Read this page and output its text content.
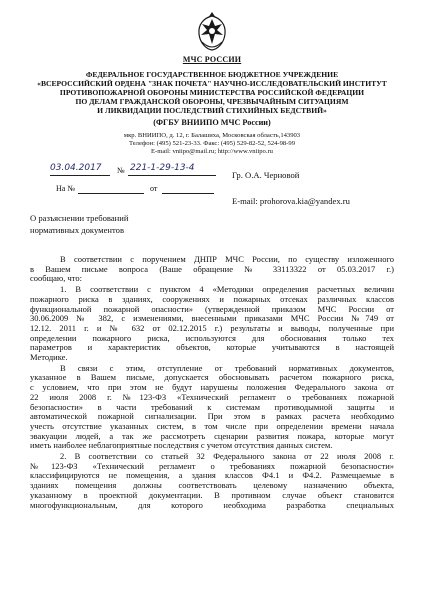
МЧС РОССИИ
ФЕДЕРАЛЬНОЕ ГОСУДАРСТВЕННОЕ БЮДЖЕТНОЕ УЧРЕЖДЕНИЕ
«ВСЕРОССИЙСКИЙ ОРДЕНА "ЗНАК ПОЧЕТА" НАУЧНО-ИССЛЕДОВАТЕЛЬСКИЙ ИНСТИТУТ
ПРОТИВОПОЖАРНОЙ ОБОРОНЫ МИНИСТЕРСТВА РОССИЙСКОЙ ФЕДЕРАЦИИ
ПО ДЕЛАМ ГРАЖДАНСКОЙ ОБОРОНЫ, ЧРЕЗВЫЧАЙНЫМ СИТУАЦИЯМ
И ЛИКВИДАЦИИ ПОСЛЕДСТВИЙ СТИХИЙНЫХ БЕДСТВИЙ»
(ФГБУ ВНИИПО МЧС России)
мкр. ВНИИПО, д. 12, г. Балашиха, Московская область,143903
Телефон: (495) 521-23-33. Факс: (495) 529-82-52, 524-98-99
E-mail: vniipo@mail.ru; http://www.vniipo.ru
03.04.2017 № 221-1-29-13-4
На №	от
Гр. О.А. Черновой
E-mail: prohorova.kia@yandex.ru
О разъяснении требований
нормативных документов
В соответствии с поручением ДНПР МЧС России, по существу изложенного
в Вашем письме вопроса (Ваше обращение № 33113322 от 05.03.2017 г.)
сообщаю, что:
1. В соответствии с пунктом 4 «Методики определения расчетных величин
пожарного риска в зданиях, сооружениях и пожарных отсеках различных классов
функциональной пожарной опасности» (утвержденной приказом МЧС России от
30.06.2009 № 382, с изменениями, внесенными приказами МЧС России №749 от
12.12. 2011 г. и № 632 от 02.12.2015 г.) результаты и выводы, полученные при
определении пожарного риска, используются для обоснования только тех
параметров и характеристик объектов, которые учитываются в настоящей
Методике.
В связи с этим, отступление от требований нормативных документов,
указанное в Вашем письме, допускается обосновывать расчетом пожарного риска,
с условием, что при этом не будут нарушены положения Федерального закона от
22 июля 2008 г. №123-ФЗ «Технический регламент о требованиях пожарной
безопасности» в части требований к системам противодымной защиты и
автоматической пожарной сигнализации. При этом в рамках расчета необходимо
учесть отсутствие указанных систем, в том числе при определении времени начала
эвакуации людей, а так же рассмотреть сценарии развития пожара, которые могут
иметь наиболее неблагоприятные последствия с учетом отсутствия данных систем.
2. В соответствии со статьей 32 Федерального закона от 22 июля 2008 г.
№123-ФЗ «Технический регламент о требованиях пожарной безопасности»
классифицируются не помещения, а здания классов Ф4.1 и Ф4.2. Размещаемые в
зданиях помещения должны соответствовать целевому назначению объекта,
указанному в проектной документации. В противном случае объект становится
многофункциональным, для которого необходима разработка специальных
